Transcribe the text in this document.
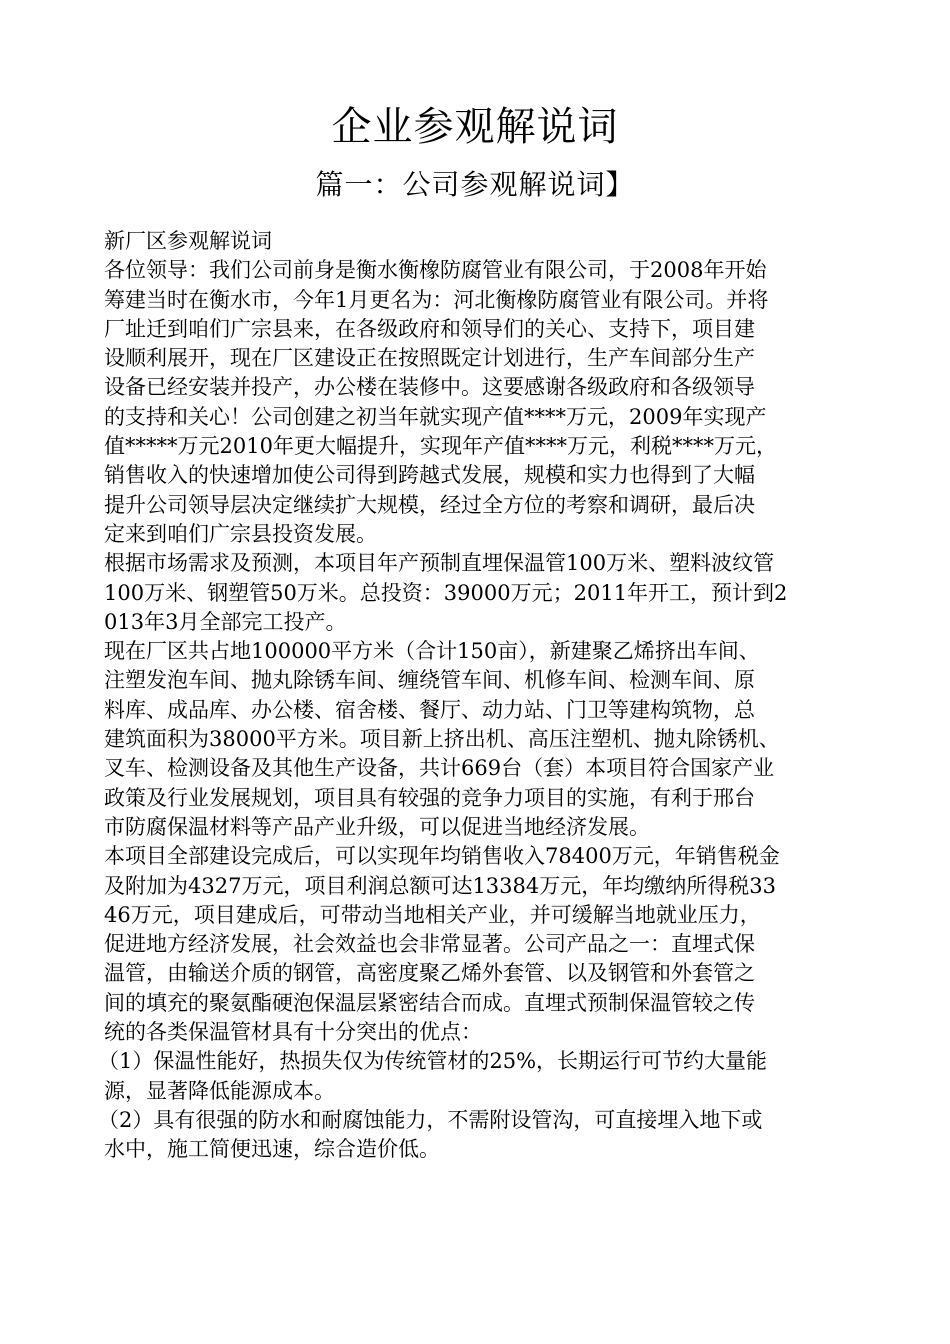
企业参观解说词
篇一：公司参观解说词】
新厂区参观解说词
各位领导：我们公司前身是衡水衡橡防腐管业有限公司，于2008年开始
筹建当时在衡水市，今年1月更名为：河北衡橡防腐管业有限公司。并将
厂址迁到咱们广宗县来，在各级政府和领导们的关心、支持下，项目建
设顺利展开，现在厂区建设正在按照既定计划进行，生产车间部分生产
设备已经安装并投产，办公楼在装修中。这要感谢各级政府和各级领导
的支持和关心！公司创建之初当年就实现产值****万元，2009年实现产
值*****万元2010年更大幅提升，实现年产值****万元，利税****万元，
销售收入的快速增加使公司得到跨越式发展，规模和实力也得到了大幅
提升公司领导层决定继续扩大规模，经过全方位的考察和调研，最后决
定来到咱们广宗县投资发展。
根据市场需求及预测，本项目年产预制直埋保温管100万米、塑料波纹管
100万米、钢塑管50万米。总投资：39000万元；2011年开工，预计到2
013年3月全部完工投产。
现在厂区共占地100000平方米（合计150亩），新建聚乙烯挤出车间、
注塑发泡车间、抛丸除锈车间、缠绕管车间、机修车间、检测车间、原
料库、成品库、办公楼、宿舍楼、餐厅、动力站、门卫等建构筑物，总
建筑面积为38000平方米。项目新上挤出机、高压注塑机、抛丸除锈机、
叉车、检测设备及其他生产设备，共计669台（套）本项目符合国家产业
政策及行业发展规划，项目具有较强的竞争力项目的实施，有利于邢台
市防腐保温材料等产品产业升级，可以促进当地经济发展。
本项目全部建设完成后，可以实现年均销售收入78400万元，年销售税金
及附加为4327万元，项目利润总额可达13384万元，年均缴纳所得税33
46万元，项目建成后，可带动当地相关产业，并可缓解当地就业压力，
促进地方经济发展，社会效益也会非常显著。公司产品之一：直埋式保
温管，由输送介质的钢管，高密度聚乙烯外套管、以及钢管和外套管之
间的填充的聚氨酯硬泡保温层紧密结合而成。直埋式预制保温管较之传
统的各类保温管材具有十分突出的优点：
（1）保温性能好，热损失仅为传统管材的25%，长期运行可节约大量能
源，显著降低能源成本。
（2）具有很强的防水和耐腐蚀能力，不需附设管沟，可直接埋入地下或
水中，施工简便迅速，综合造价低。
